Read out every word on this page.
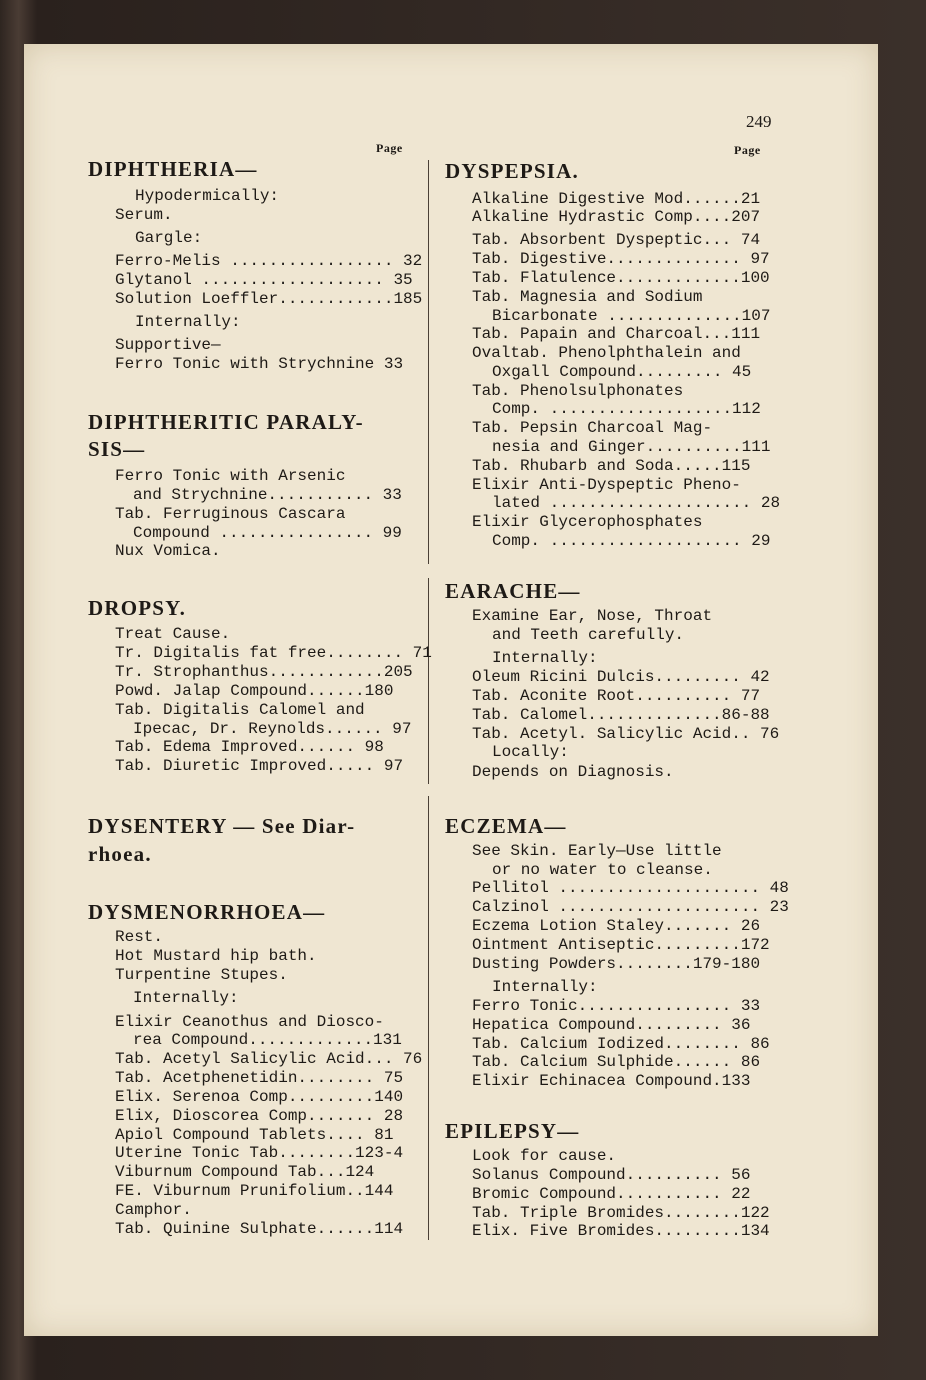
249
Page	Page
DIPHTHERIA—
Hypodermically:
Serum.
Gargle:
Ferro-Melis ................. 32
Glytanol ................... 35
Solution Loeffler............185
Internally:
Supportive—
Ferro Tonic with Strychnine 33
DIPHTHERITIC PARALY-
SIS—
Ferro Tonic with Arsenic
and Strychnine........... 33
Tab. Ferruginous Cascara
Compound ................ 99
Nux Vomica.
DROPSY.
Treat Cause.
Tr. Digitalis fat free........ 71
Tr. Strophanthus............205
Powd. Jalap Compound......180
Tab. Digitalis Calomel and
Ipecac, Dr. Reynolds...... 97
Tab. Edema Improved...... 98
Tab. Diuretic Improved..... 97
DYSENTERY — See Diar-
rhoea.
DYSMENORRHOEA—
Rest.
Hot Mustard hip bath.
Turpentine Stupes.
Internally:
Elixir Ceanothus and Diosco-
rea Compound.............131
Tab. Acetyl Salicylic Acid... 76
Tab. Acetphenetidin........ 75
Elix. Serenoa Comp.........140
Elix, Dioscorea Comp....... 28
Apiol Compound Tablets.... 81
Uterine Tonic Tab........123-4
Viburnum Compound Tab...124
FE. Viburnum Prunifolium..144
Camphor.
Tab. Quinine Sulphate......114
DYSPEPSIA.
Alkaline Digestive Mod......21
Alkaline Hydrastic Comp....207
Tab. Absorbent Dyspeptic... 74
Tab. Digestive.............. 97
Tab. Flatulence.............100
Tab. Magnesia and Sodium
Bicarbonate ..............107
Tab. Papain and Charcoal...111
Ovaltab. Phenolphthalein and
Oxgall Compound......... 45
Tab. Phenolsulphonates
Comp. ...................112
Tab. Pepsin Charcoal Mag-
nesia and Ginger..........111
Tab. Rhubarb and Soda.....115
Elixir Anti-Dyspeptic Pheno-
lated ..................... 28
Elixir Glycerophosphates
Comp. .................... 29
EARACHE—
Examine Ear, Nose, Throat
and Teeth carefully.
Internally:
Oleum Ricini Dulcis......... 42
Tab. Aconite Root.......... 77
Tab. Calomel..............86-88
Tab. Acetyl. Salicylic Acid.. 76
Locally:
Depends on Diagnosis.
ECZEMA—
See Skin. Early—Use little
or no water to cleanse.
Pellitol ..................... 48
Calzinol ..................... 23
Eczema Lotion Staley....... 26
Ointment Antiseptic.........172
Dusting Powders........179-180
Internally:
Ferro Tonic................ 33
Hepatica Compound......... 36
Tab. Calcium Iodized........ 86
Tab. Calcium Sulphide...... 86
Elixir Echinacea Compound.133
EPILEPSY—
Look for cause.
Solanus Compound.......... 56
Bromic Compound........... 22
Tab. Triple Bromides........122
Elix. Five Bromides.........134
